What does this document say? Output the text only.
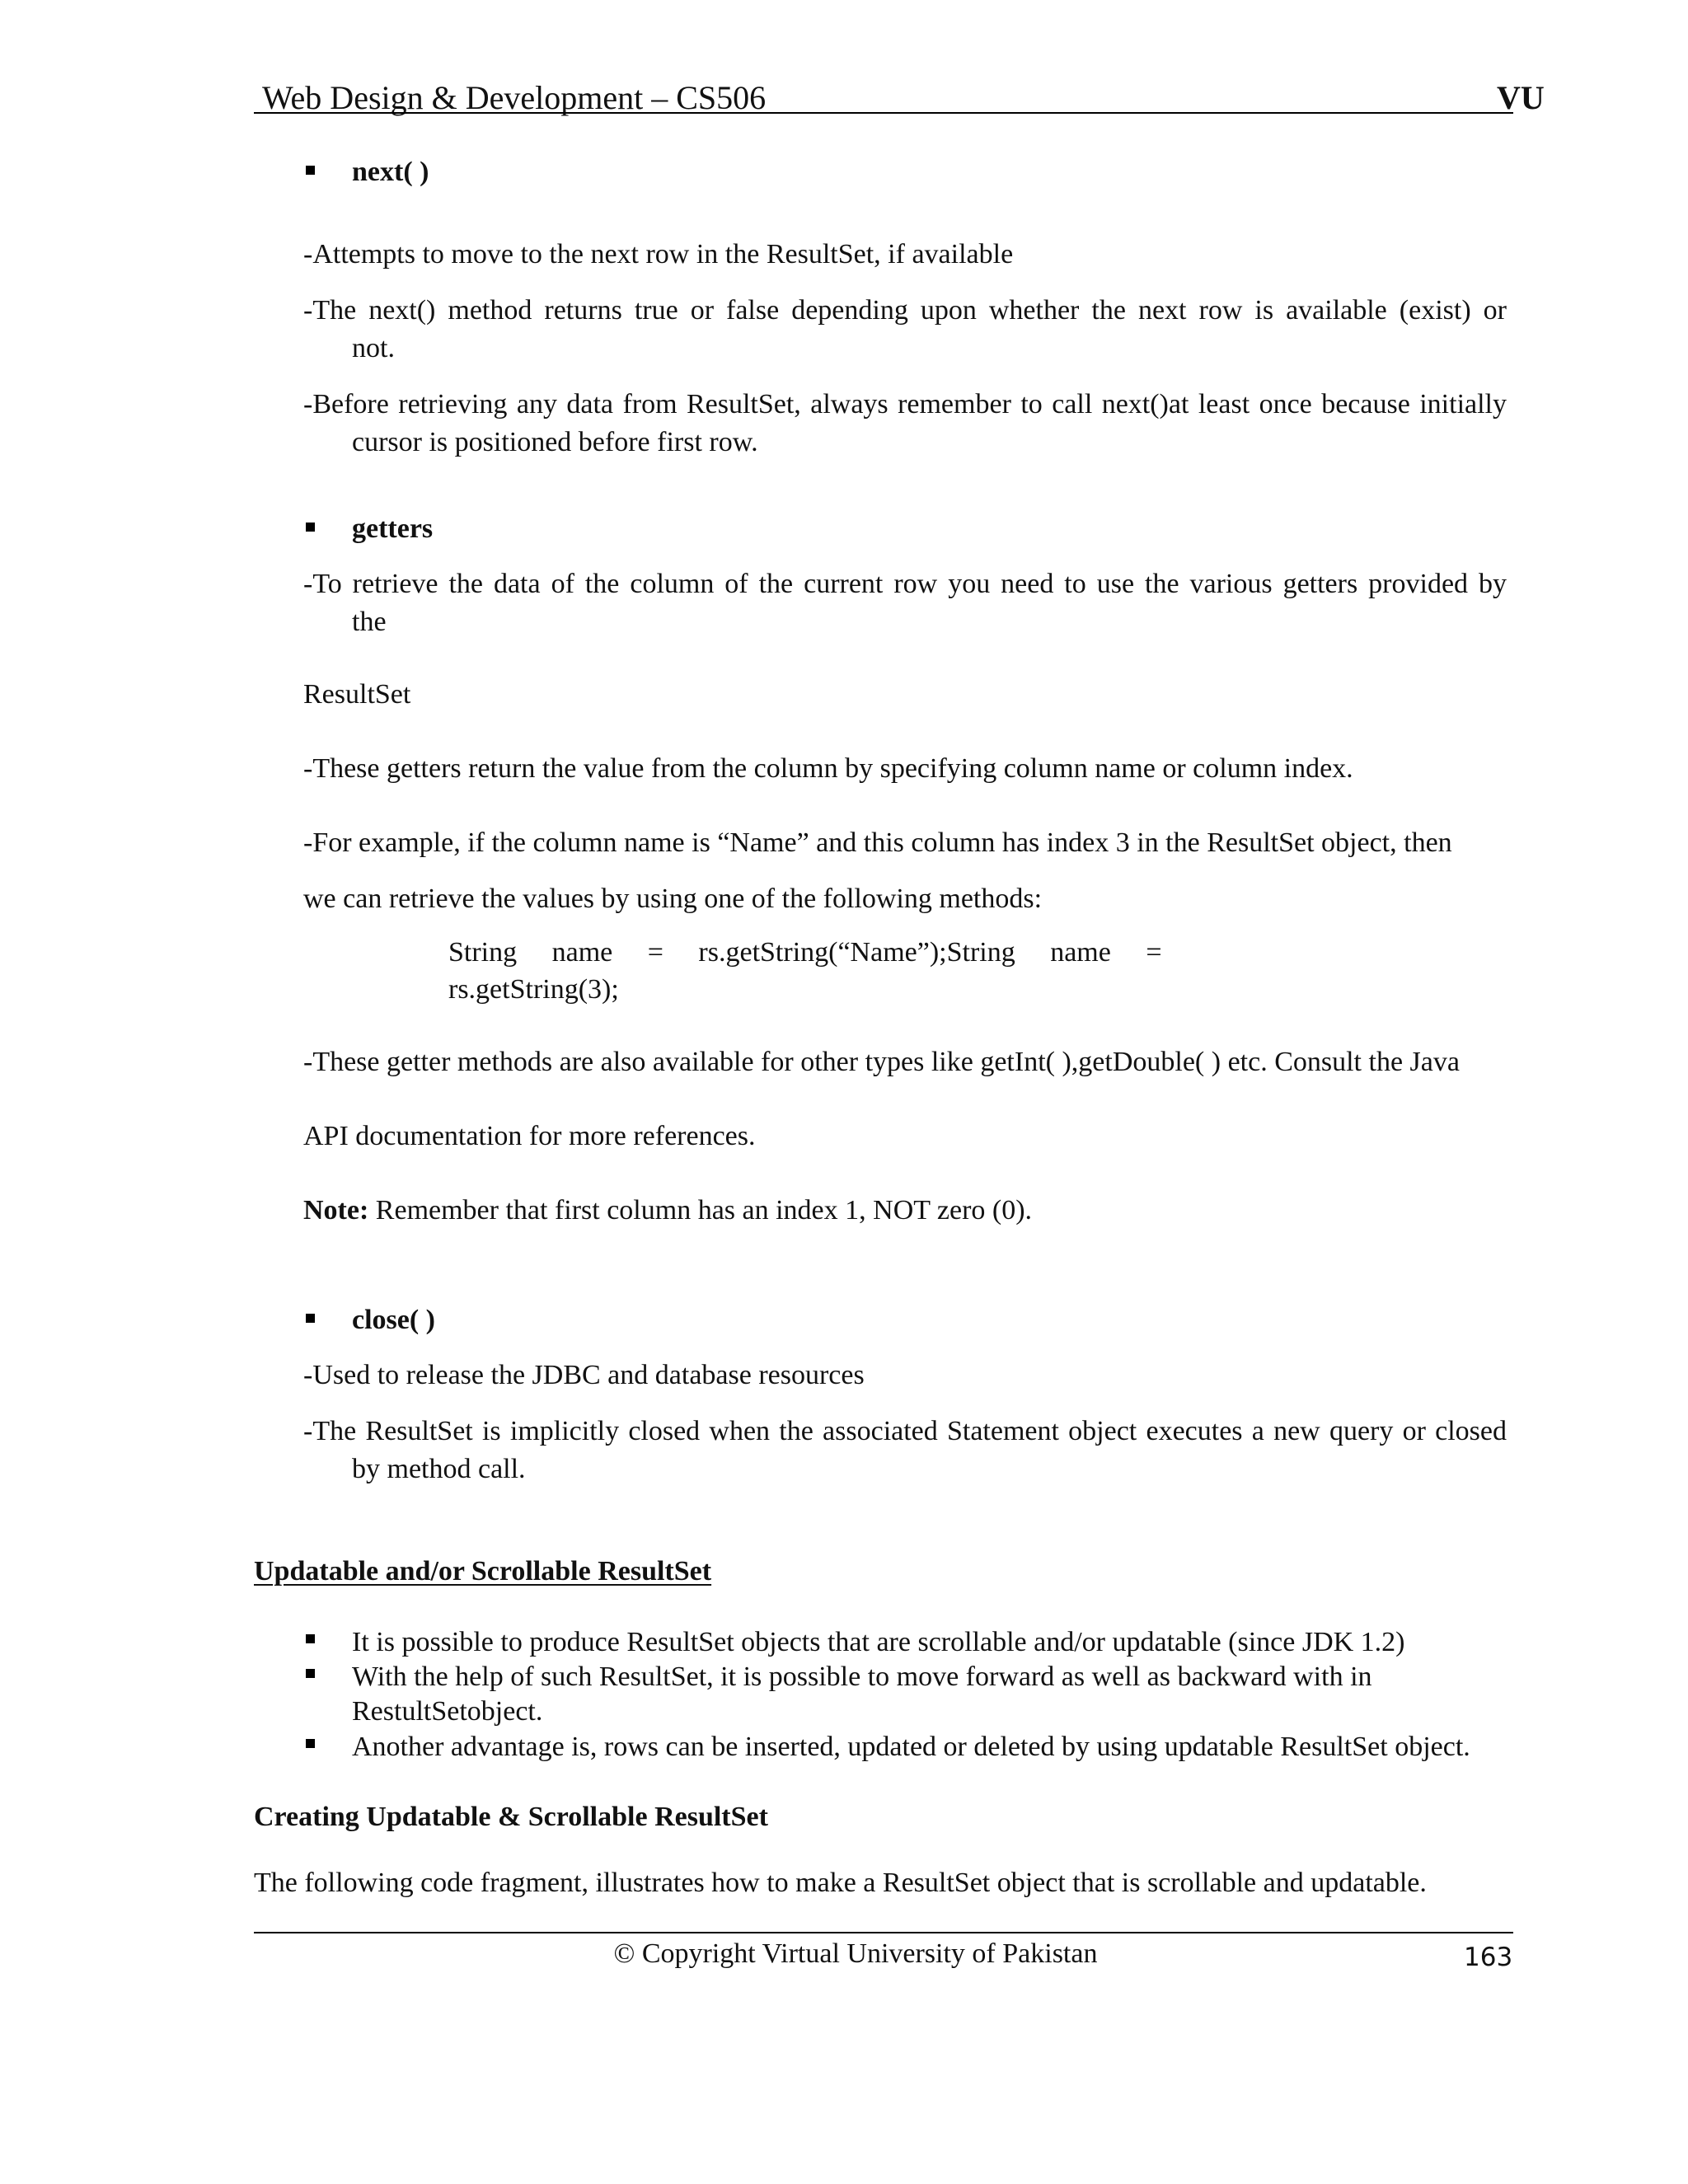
Web Design & Development – CS506	VU
next( )
-Attempts to move to the next row in the ResultSet, if available
-The next() method returns true or false depending upon whether the next row is available (exist) or
not.
-Before retrieving any data from ResultSet, always remember to call next()at least once because initially
cursor is positioned before first row.
getters
-To retrieve the data of the column of the current row you need to use the various getters provided by
the
ResultSet
-These getters return the value from the column by specifying column name or column index.
-For example, if the column name is “Name” and this column has index 3 in the ResultSet object, then
we can retrieve the values by using one of the following methods:
String     name     =     rs.getString(“Name”);String     name     =
rs.getString(3);
-These getter methods are also available for other types like getInt( ),getDouble( ) etc. Consult the Java
API documentation for more references.
Note: Remember that first column has an index 1, NOT zero (0).
close( )
-Used to release the JDBC and database resources
-The ResultSet is implicitly closed when the associated Statement object executes a new query or closed
by method call.
Updatable and/or Scrollable ResultSet
It is possible to produce ResultSet objects that are scrollable and/or updatable (since JDK 1.2)
With the help of such ResultSet, it is possible to move forward as well as backward with in
RestultSetobject.
Another advantage is, rows can be inserted, updated or deleted by using updatable ResultSet object.
Creating Updatable & Scrollable ResultSet
The following code fragment, illustrates how to make a ResultSet object that is scrollable and updatable.
© Copyright Virtual University of Pakistan	163
